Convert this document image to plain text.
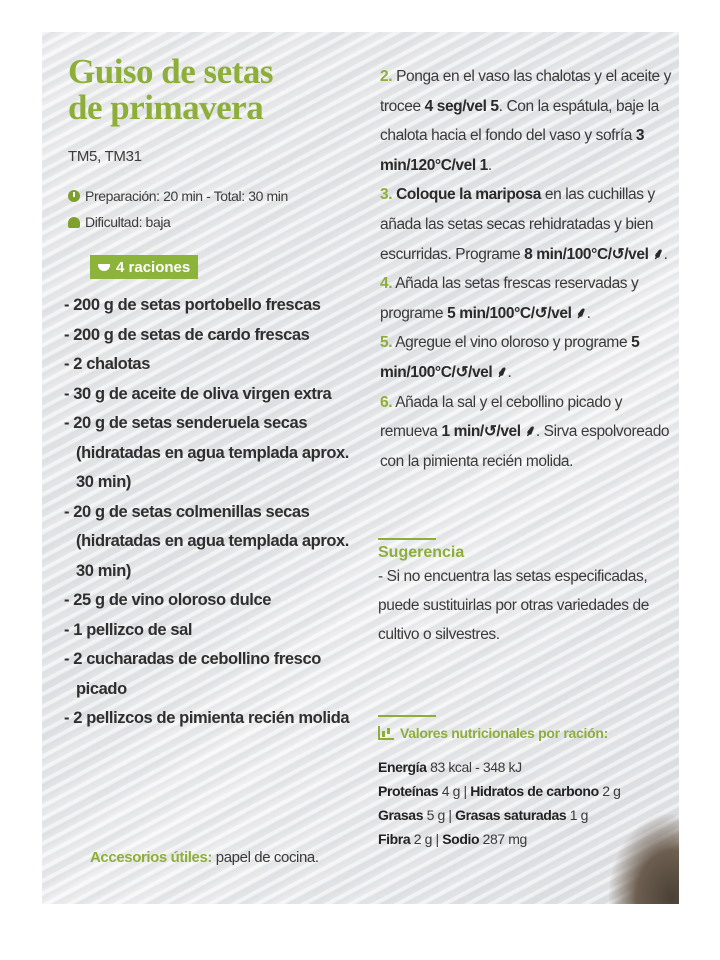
Guiso de setas
de primavera
TM5, TM31
Preparación: 20 min - Total: 30 min
Dificultad: baja
4 raciones
- 200 g de setas portobello frescas
- 200 g de setas de cardo frescas
- 2 chalotas
- 30 g de aceite de oliva virgen extra
- 20 g de setas senderuela secas (hidratadas en agua templada aprox. 30 min)
- 20 g de setas colmenillas secas (hidratadas en agua templada aprox. 30 min)
- 25 g de vino oloroso dulce
- 1 pellizco de sal
- 2 cucharadas de cebollino fresco picado
- 2 pellizcos de pimienta recién molida
Accesorios útiles: papel de cocina.

2. Ponga en el vaso las chalotas y el aceite y trocee 4 seg/vel 5. Con la espátula, baje la chalota hacia el fondo del vaso y sofría 3 min/120°C/vel 1.

3. Coloque la mariposa en las cuchillas y añada las setas secas rehidratadas y bien escurridas. Programe 8 min/100°C/↺/vel ⸙.

4. Añada las setas frescas reservadas y programe 5 min/100°C/↺/vel ⸙.

5. Agregue el vino oloroso y programe 5 min/100°C/↺/vel ⸙.

6. Añada la sal y el cebollino picado y remueva 1 min/↺/vel ⸙. Sirva espolvoreado con la pimienta recién molida.

Sugerencia
- Si no encuentra las setas especificadas, puede sustituirlas por otras variedades de cultivo o silvestres.
Valores nutricionales por ración:
Energía 83 kcal - 348 kJ
Proteínas 4 g | Hidratos de carbono 2 g
Grasas 5 g | Grasas saturadas 1 g
Fibra 2 g | Sodio 287 mg
